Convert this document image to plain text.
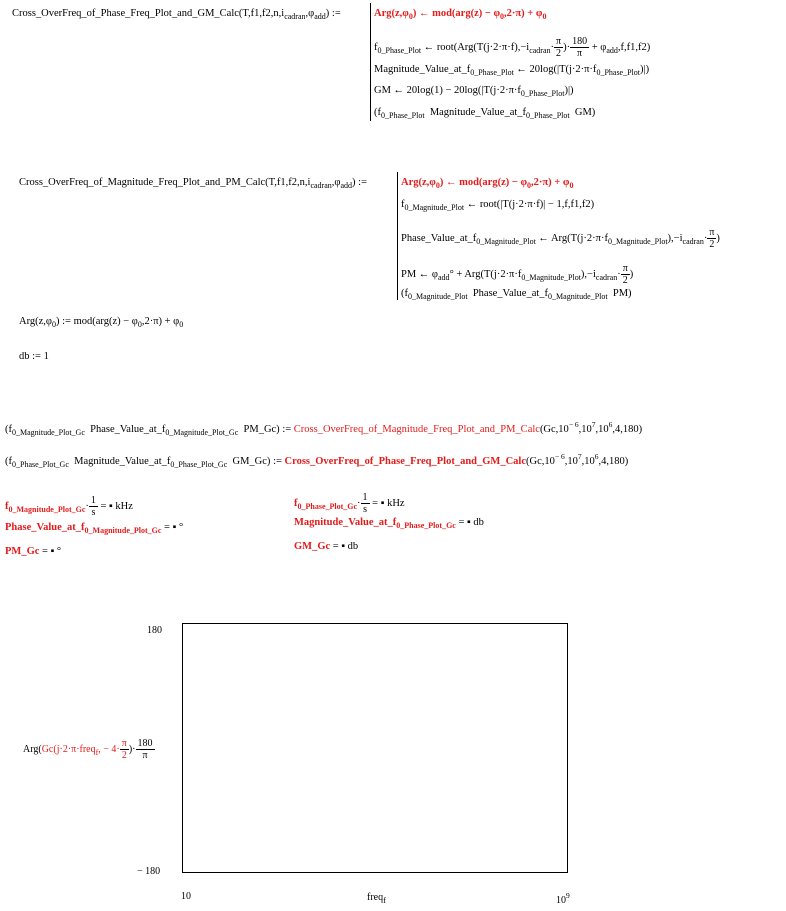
$Cross\_OverFreq\_of\_Phase\_Freq\_Plot\_and\_GM\_Calc(T,f1,f2,n,i_{cadran},\varphi_{add})$ :=	$Arg(z,\varphi_0)$ ← $mod(arg(z) - \varphi_0,2\cdot\pi) + \varphi_0$
$f_{0\_Phase\_Plot}$ ← $root(Arg(T(j\cdot 2\cdot\pi\cdot f),-i_{cadran}\cdot \frac{\pi}{2}$ )· $\frac{180}{\pi} + \varphi_{add},f,f1,f2$)
$Magnitude\_Value\_at\_f_{0\_Phase\_Plot}$ ← $20\log(|T(j\cdot 2\cdot\pi\cdot f_{0\_Phase\_Plot})|)$
GM ← $20\log(1) - 20\log(|T(j\cdot 2\cdot\pi\cdot f_{0\_Phase\_Plot})|)$
($f_{0\_Phase\_Plot}$ $Magnitude\_Value\_at\_f_{0\_Phase\_Plot}$ GM)
$Cross\_OverFreq\_of\_Magnitude\_Freq\_Plot\_and\_PM\_Calc(T,f1,f2,n,i_{cadran},\varphi_{add})$ :=	$Arg(z,\varphi_0)$ ← $mod(arg(z) - \varphi_0,2\cdot\pi) + \varphi_0$
$f_{0\_Magnitude\_Plot}$ ← root(|T(j·2·π·f)| − 1,f,f1,f2)
$Phase\_Value\_at\_f_{0\_Magnitude\_Plot}$ ← $Arg(T(j\cdot 2\cdot\pi\cdot f_{0\_Magnitude\_Plot}),-i_{cadran}\cdot \frac{\pi}{2}$ )
PM ← $\varphi_{add}^\circ + Arg(T(j\cdot 2\cdot\pi\cdot f_{0\_Magnitude\_Plot}),-i_{cadran}\cdot \frac{\pi}{2}$ )
($f_{0\_Magnitude\_Plot}$ $Phase\_Value\_at\_f_{0\_Magnitude\_Plot}$ PM)
$Arg(z,\varphi_0)$ := $mod(arg(z) - \varphi_0,2\cdot\pi) + \varphi_0$
db := 1
($f_{0\_Magnitude\_Plot\_Gc}$ $Phase\_Value\_at\_f_{0\_Magnitude\_Plot\_Gc}$ PM_Gc) := $Cross\_OverFreq\_of\_Magnitude\_Freq\_Plot\_and\_PM\_Calc(Gc,10^{- 6},10^7,10^6,4,180)$
($f_{0\_Phase\_Plot\_Gc}$ $Magnitude\_Value\_at\_f_{0\_Phase\_Plot\_Gc}$ GM_Gc) := $Cross\_OverFreq\_of\_Phase\_Freq\_Plot\_and\_GM\_Calc(Gc,10^{- 6},10^7,10^6,4,180)$
$f_{0\_Magnitude\_Plot\_Gc}\cdot \frac{1}{s}$ = ▪ kHz
$Phase\_Value\_at\_f_{0\_Magnitude\_Plot\_Gc}$ = ▪ °
PM_Gc = ▪ °
$f_{0\_Phase\_Plot\_Gc}\cdot \frac{1}{s}$ = ▪ kHz
$Magnitude\_Value\_at\_f_{0\_Phase\_Plot\_Gc}$ = ▪ db
GM_Gc = ▪ db
180
− 180
10	$10^9$
freq$_f$
Arg(Gc(j·2·π·freq$_f$, − $4\cdot \frac{\pi}{2}$ )· $\frac{180}{\pi}$
